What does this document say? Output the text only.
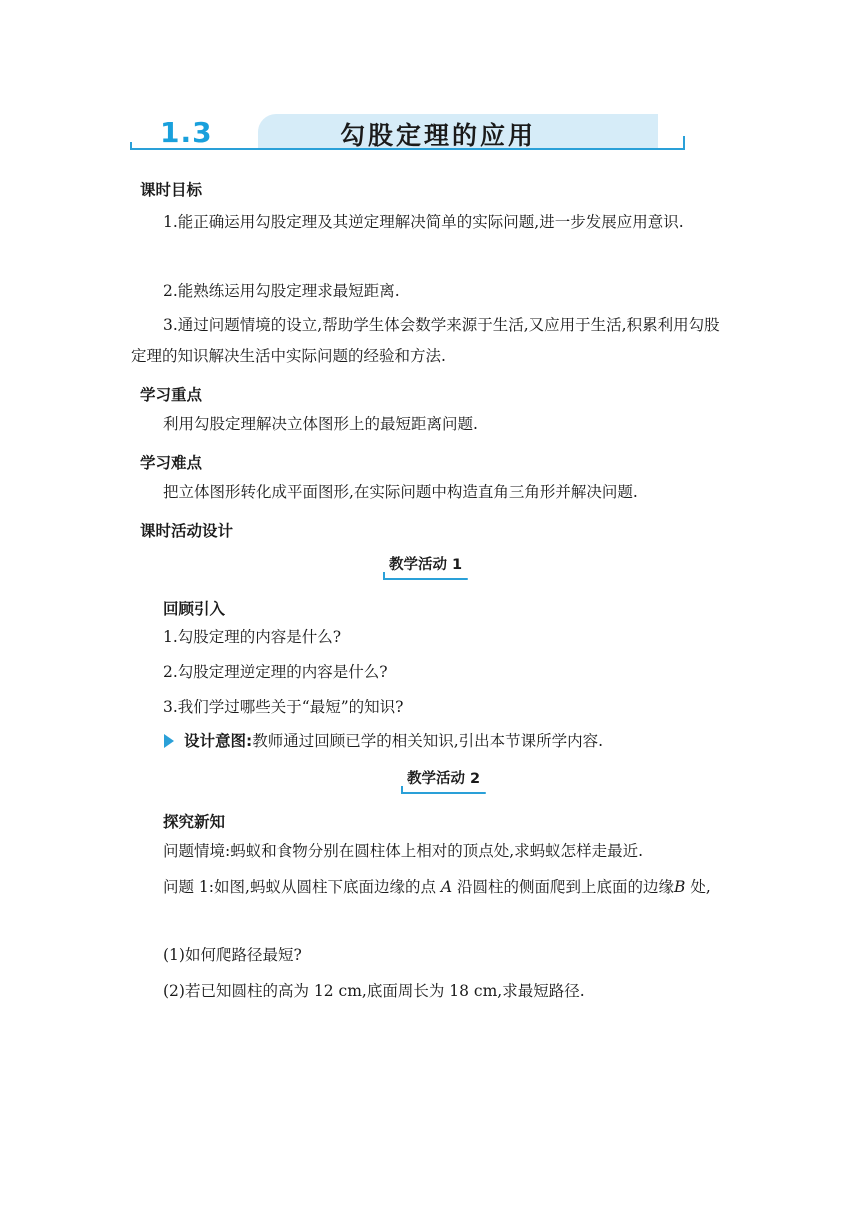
1.3	勾股定理的应用
课时目标
1.能正确运用勾股定理及其逆定理解决简单的实际问题,进一步发展应用意识.
2.能熟练运用勾股定理求最短距离.
3.通过问题情境的设立,帮助学生体会数学来源于生活,又应用于生活,积累利用勾股定理的知识解决生活中实际问题的经验和方法.
学习重点
利用勾股定理解决立体图形上的最短距离问题.
学习难点
把立体图形转化成平面图形,在实际问题中构造直角三角形并解决问题.
课时活动设计
教学活动 1
回顾引入
1.勾股定理的内容是什么?
2.勾股定理逆定理的内容是什么?
3.我们学过哪些关于“最短”的知识?
设计意图:教师通过回顾已学的相关知识,引出本节课所学内容.
教学活动 2
探究新知
问题情境:蚂蚁和食物分别在圆柱体上相对的顶点处,求蚂蚁怎样走最近.
问题 1:如图,蚂蚁从圆柱下底面边缘的点 A 沿圆柱的侧面爬到上底面的边缘B 处,
(1)如何爬路径最短?
(2)若已知圆柱的高为 12 cm,底面周长为 18 cm,求最短路径.
